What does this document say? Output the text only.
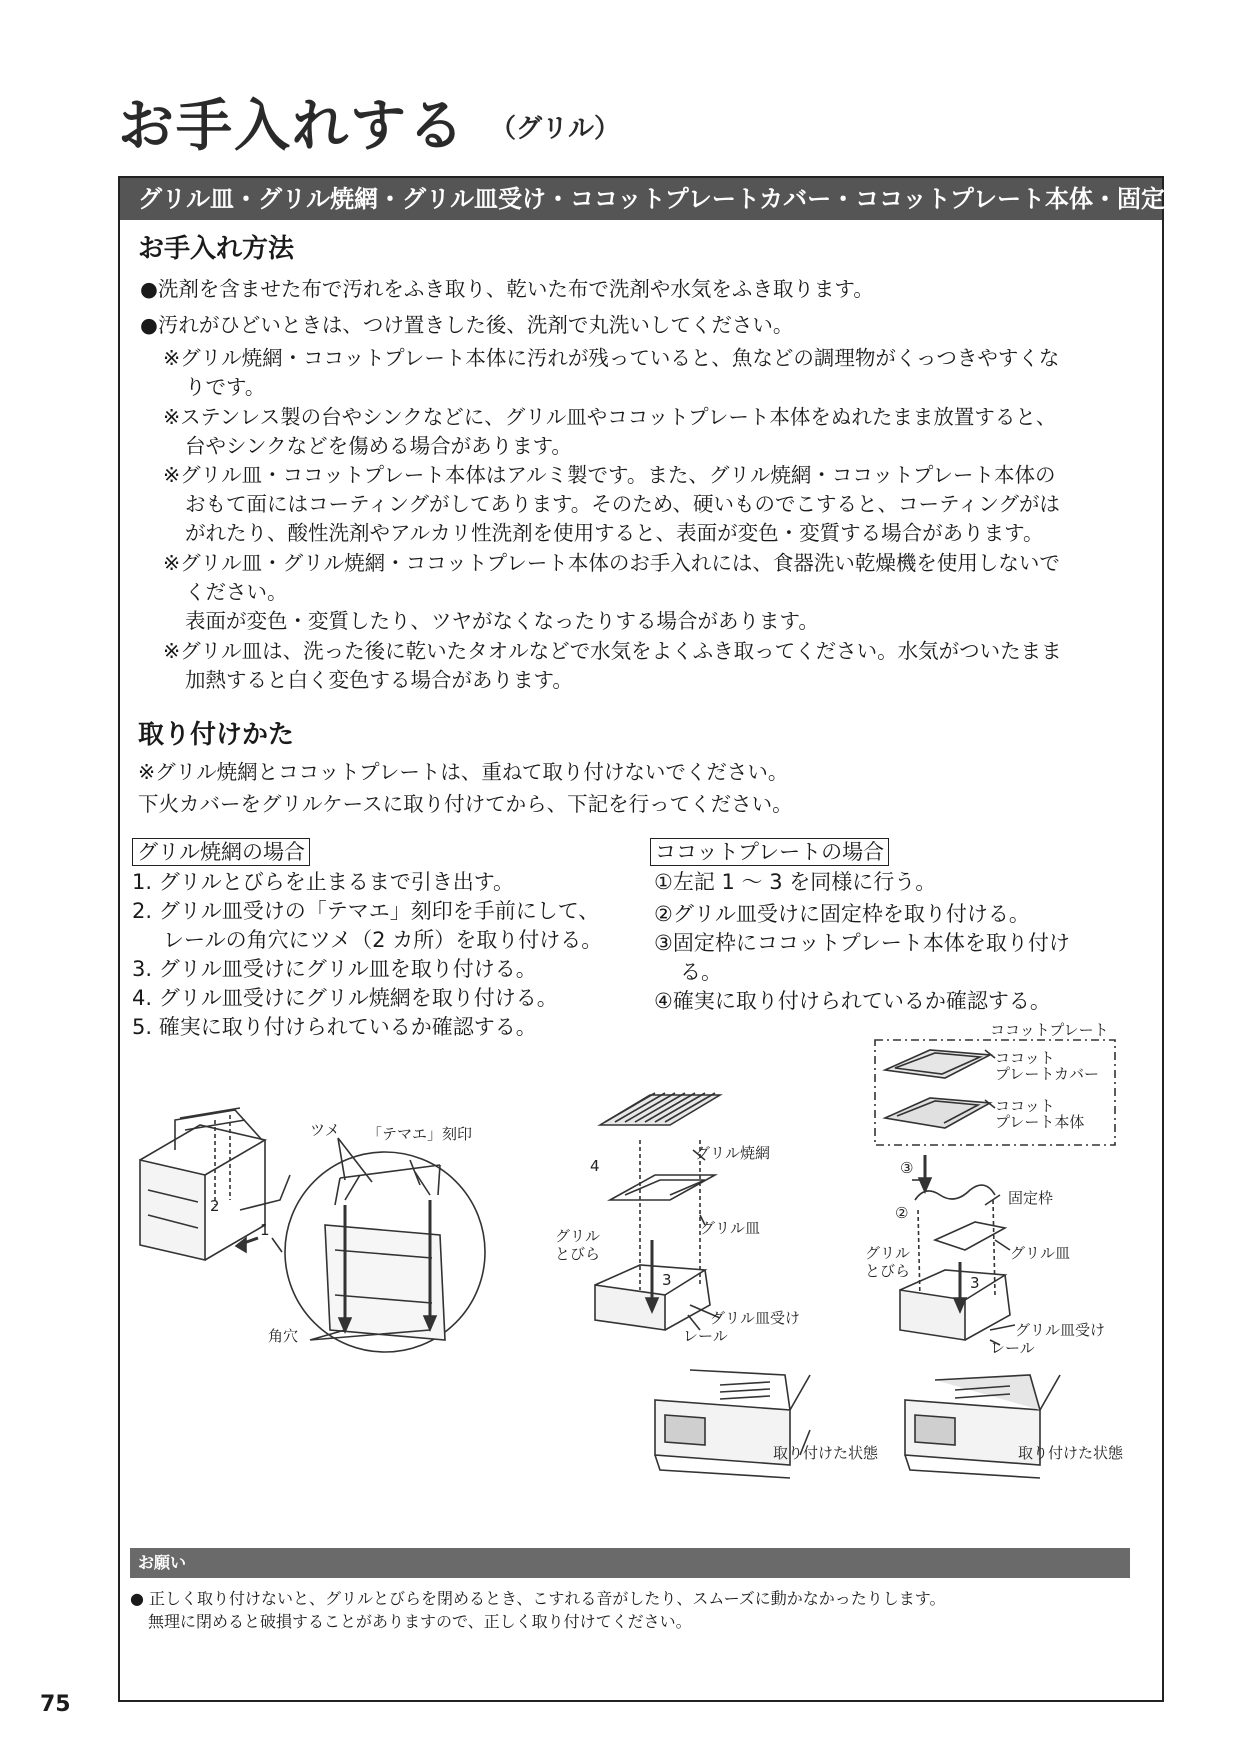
お手入れする （グリル）
グリル皿・グリル焼網・グリル皿受け・ココットプレートカバー・ココットプレート本体・固定枠
お手入れ方法
●洗剤を含ませた布で汚れをふき取り、乾いた布で洗剤や水気をふき取ります。
●汚れがひどいときは、つけ置きした後、洗剤で丸洗いしてください。
※グリル焼網・ココットプレート本体に汚れが残っていると、魚などの調理物がくっつきやすくな
りです。
※ステンレス製の台やシンクなどに、グリル皿やココットプレート本体をぬれたまま放置すると、
台やシンクなどを傷める場合があります。
※グリル皿・ココットプレート本体はアルミ製です。また、グリル焼網・ココットプレート本体の
おもて面にはコーティングがしてあります。そのため、硬いものでこすると、コーティングがは
がれたり、酸性洗剤やアルカリ性洗剤を使用すると、表面が変色・変質する場合があります。
※グリル皿・グリル焼網・ココットプレート本体のお手入れには、食器洗い乾燥機を使用しないで
ください。
表面が変色・変質したり、ツヤがなくなったりする場合があります。
※グリル皿は、洗った後に乾いたタオルなどで水気をよくふき取ってください。水気がついたまま
加熱すると白く変色する場合があります。
取り付けかた
※グリル焼網とココットプレートは、重ねて取り付けないでください。
下火カバーをグリルケースに取り付けてから、下記を行ってください。
グリル焼網の場合
1. グリルとびらを止まるまで引き出す。
2. グリル皿受けの「テマエ」刻印を手前にして、
レールの角穴にツメ（2 カ所）を取り付ける。
3. グリル皿受けにグリル皿を取り付ける。
4. グリル皿受けにグリル焼網を取り付ける。
5. 確実に取り付けられているか確認する。
ココットプレートの場合
①左記 1 ～ 3 を同様に行う。
②グリル皿受けに固定枠を取り付ける。
③固定枠にココットプレート本体を取り付け
る。
④確実に取り付けられているか確認する。
ツメ 「テマエ」刻印
角穴
1
2
4
グリル焼網
グリル皿
グリル
とびら
3
グリル皿受け
レール
ココットプレート
ココット
プレートカバー
ココット
プレート本体
③
②
固定枠
グリル皿
グリル
とびら
3
グリル皿受け
レール
取り付けた状態	取り付けた状態
お願い
● 正しく取り付けないと、グリルとびらを閉めるとき、こすれる音がしたり、スムーズに動かなかったりします。
無理に閉めると破損することがありますので、正しく取り付けてください。
75
